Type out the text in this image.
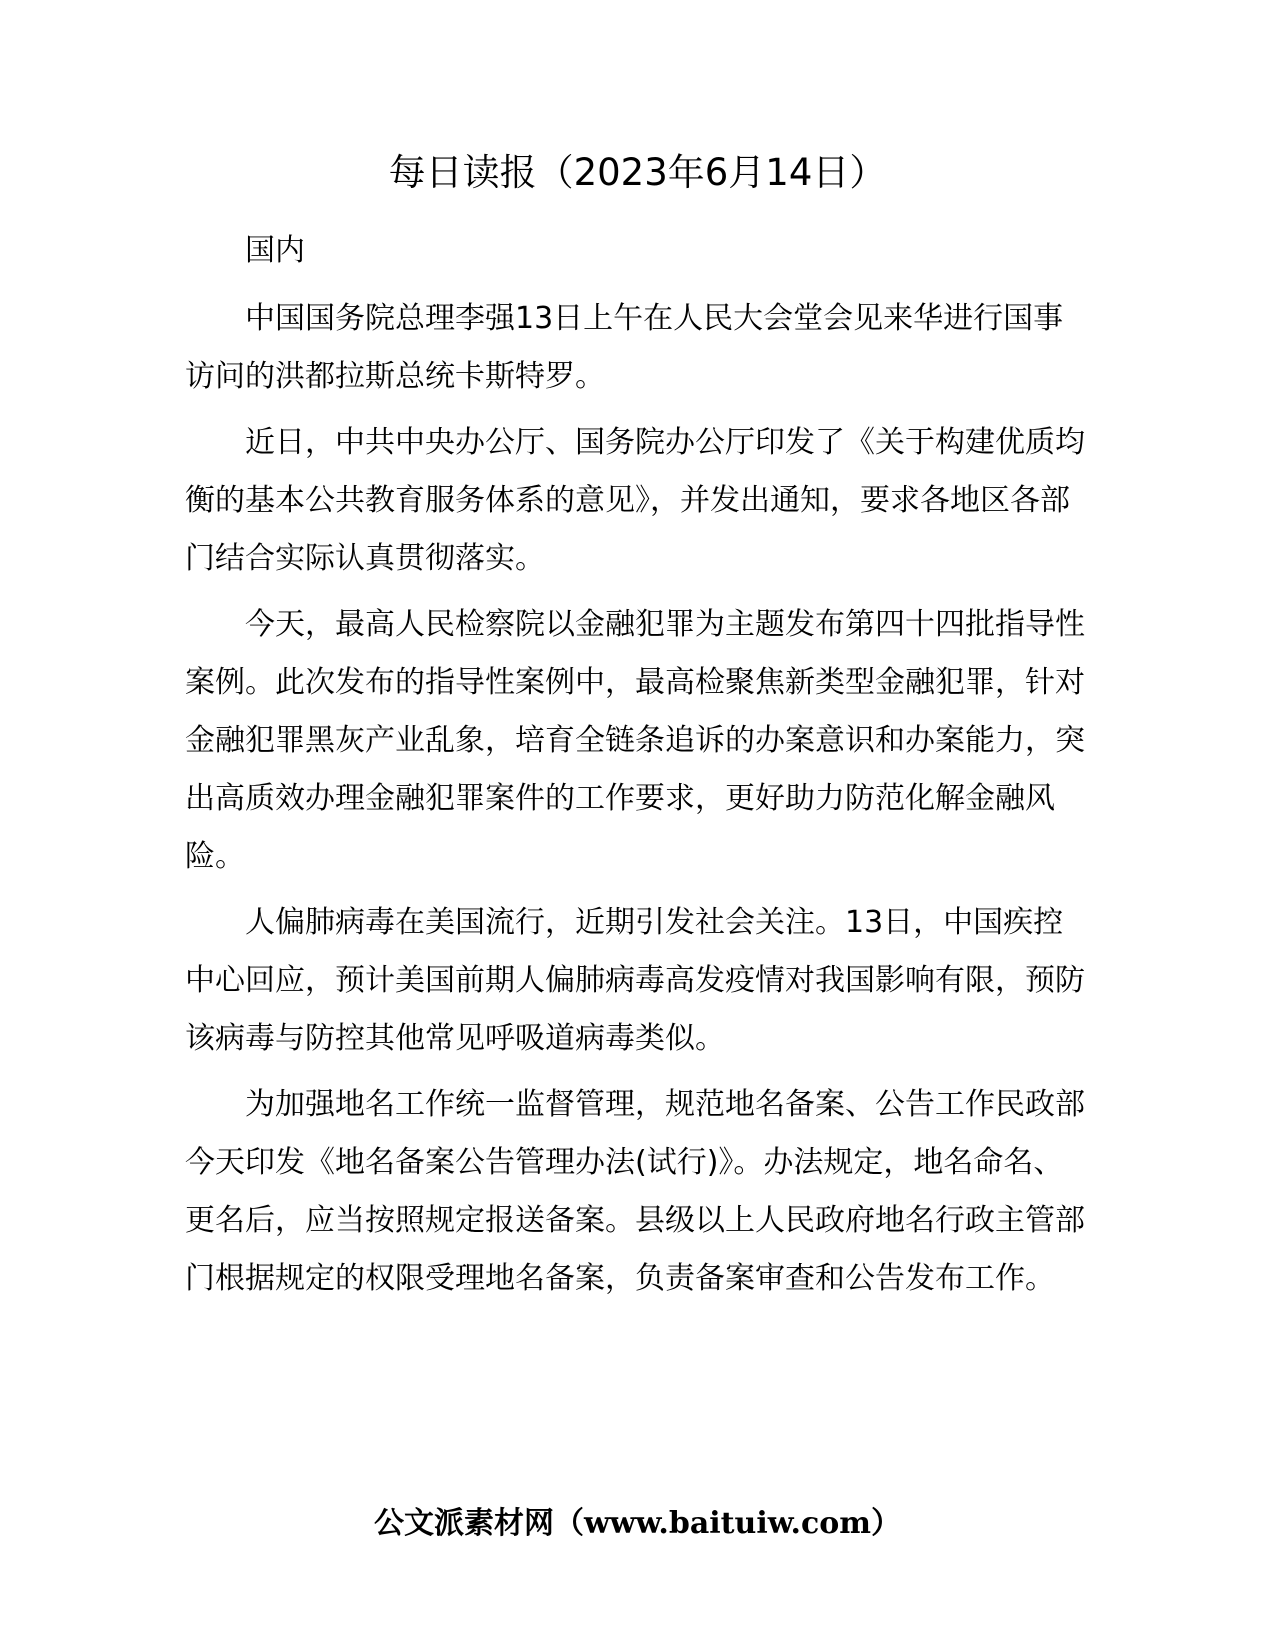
每日读报（2023年6月14日）

国内

中国国务院总理李强13日上午在人民大会堂会见来华进行国事访问的洪都拉斯总统卡斯特罗。

近日，中共中央办公厅、国务院办公厅印发了《关于构建优质均衡的基本公共教育服务体系的意见》，并发出通知，要求各地区各部门结合实际认真贯彻落实。

今天，最高人民检察院以金融犯罪为主题发布第四十四批指导性案例。此次发布的指导性案例中，最高检聚焦新类型金融犯罪，针对金融犯罪黑灰产业乱象，培育全链条追诉的办案意识和办案能力，突出高质效办理金融犯罪案件的工作要求，更好助力防范化解金融风险。

人偏肺病毒在美国流行，近期引发社会关注。13日，中国疾控中心回应，预计美国前期人偏肺病毒高发疫情对我国影响有限，预防该病毒与防控其他常见呼吸道病毒类似。

为加强地名工作统一监督管理，规范地名备案、公告工作民政部今天印发《地名备案公告管理办法(试行)》。办法规定，地名命名、更名后，应当按照规定报送备案。县级以上人民政府地名行政主管部门根据规定的权限受理地名备案，负责备案审查和公告发布工作。

公文派素材网（www.baituiw.com）
